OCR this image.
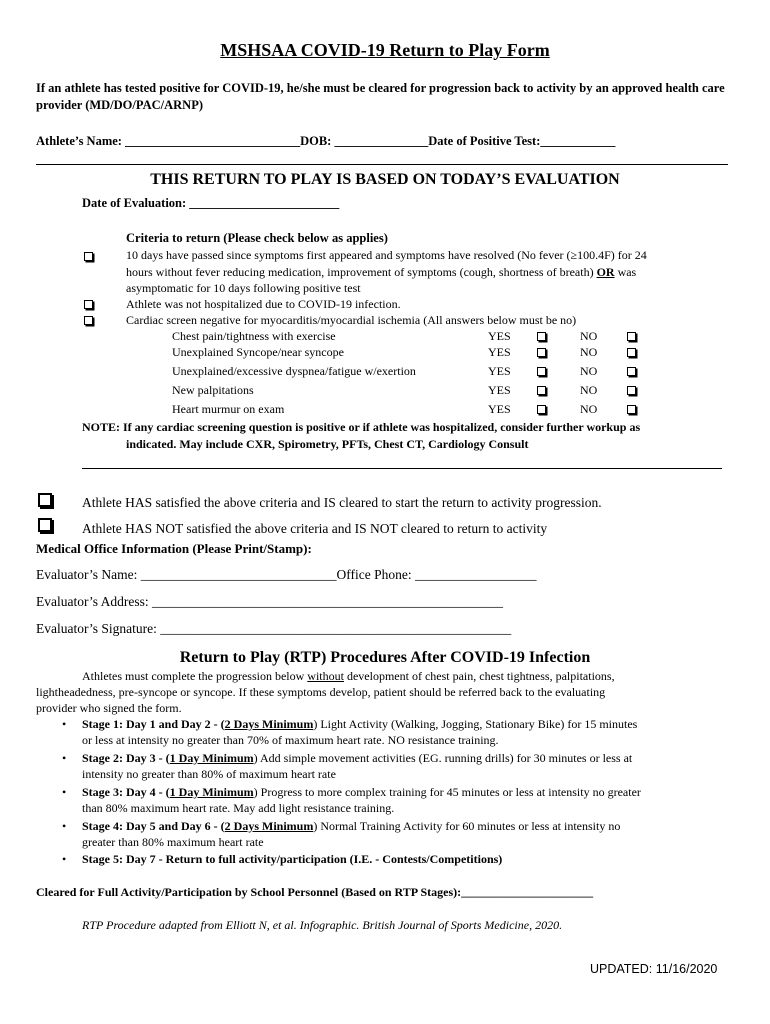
MSHSAA COVID-19 Return to Play Form
If an athlete has tested positive for COVID-19, he/she must be cleared for progression back to activity by an approved health care provider (MD/DO/PAC/ARNP)
Athlete’s Name: ____________________________DOB: _______________Date of Positive Test:____________
THIS RETURN TO PLAY IS BASED ON TODAY’S EVALUATION
Date of Evaluation: ________________________
Criteria to return (Please check below as applies)
10 days have passed since symptoms first appeared and symptoms have resolved (No fever (≥100.4F) for 24
hours without fever reducing medication, improvement of symptoms (cough, shortness of breath) OR was
asymptomatic for 10 days following positive test
Athlete was not hospitalized due to COVID-19 infection.
Cardiac screen negative for myocarditis/myocardial ischemia (All answers below must be no)
Chest pain/tightness with exercise	YES	NO
Unexplained Syncope/near syncope	YES	NO
Unexplained/excessive dyspnea/fatigue w/exertion	YES	NO
New palpitations	YES	NO
Heart murmur on exam	YES	NO
NOTE: If any cardiac screening question is positive or if athlete was hospitalized, consider further workup as
indicated. May include CXR, Spirometry, PFTs, Chest CT, Cardiology Consult
Athlete HAS satisfied the above criteria and IS cleared to start the return to activity progression.
Athlete HAS NOT satisfied the above criteria and IS NOT cleared to return to activity
Medical Office Information (Please Print/Stamp):
Evaluator’s Name: _____________________________Office Phone: __________________
Evaluator’s Address: ____________________________________________________
Evaluator’s Signature: ____________________________________________________
Return to Play (RTP) Procedures After COVID-19 Infection
Athletes must complete the progression below without development of chest pain, chest tightness, palpitations,
lightheadedness, pre-syncope or syncope. If these symptoms develop, patient should be referred back to the evaluating
provider who signed the form.
• Stage 1: Day 1 and Day 2 - (2 Days Minimum) Light Activity (Walking, Jogging, Stationary Bike) for 15 minutes
or less at intensity no greater than 70% of maximum heart rate. NO resistance training.
• Stage 2: Day 3 - (1 Day Minimum) Add simple movement activities (EG. running drills) for 30 minutes or less at
intensity no greater than 80% of maximum heart rate
• Stage 3: Day 4 - (1 Day Minimum) Progress to more complex training for 45 minutes or less at intensity no greater
than 80% maximum heart rate. May add light resistance training.
• Stage 4: Day 5 and Day 6 - (2 Days Minimum) Normal Training Activity for 60 minutes or less at intensity no
greater than 80% maximum heart rate
• Stage 5: Day 7 - Return to full activity/participation (I.E. - Contests/Competitions)
Cleared for Full Activity/Participation by School Personnel (Based on RTP Stages):______________________
RTP Procedure adapted from Elliott N, et al. Infographic. British Journal of Sports Medicine, 2020.
UPDATED: 11/16/2020
